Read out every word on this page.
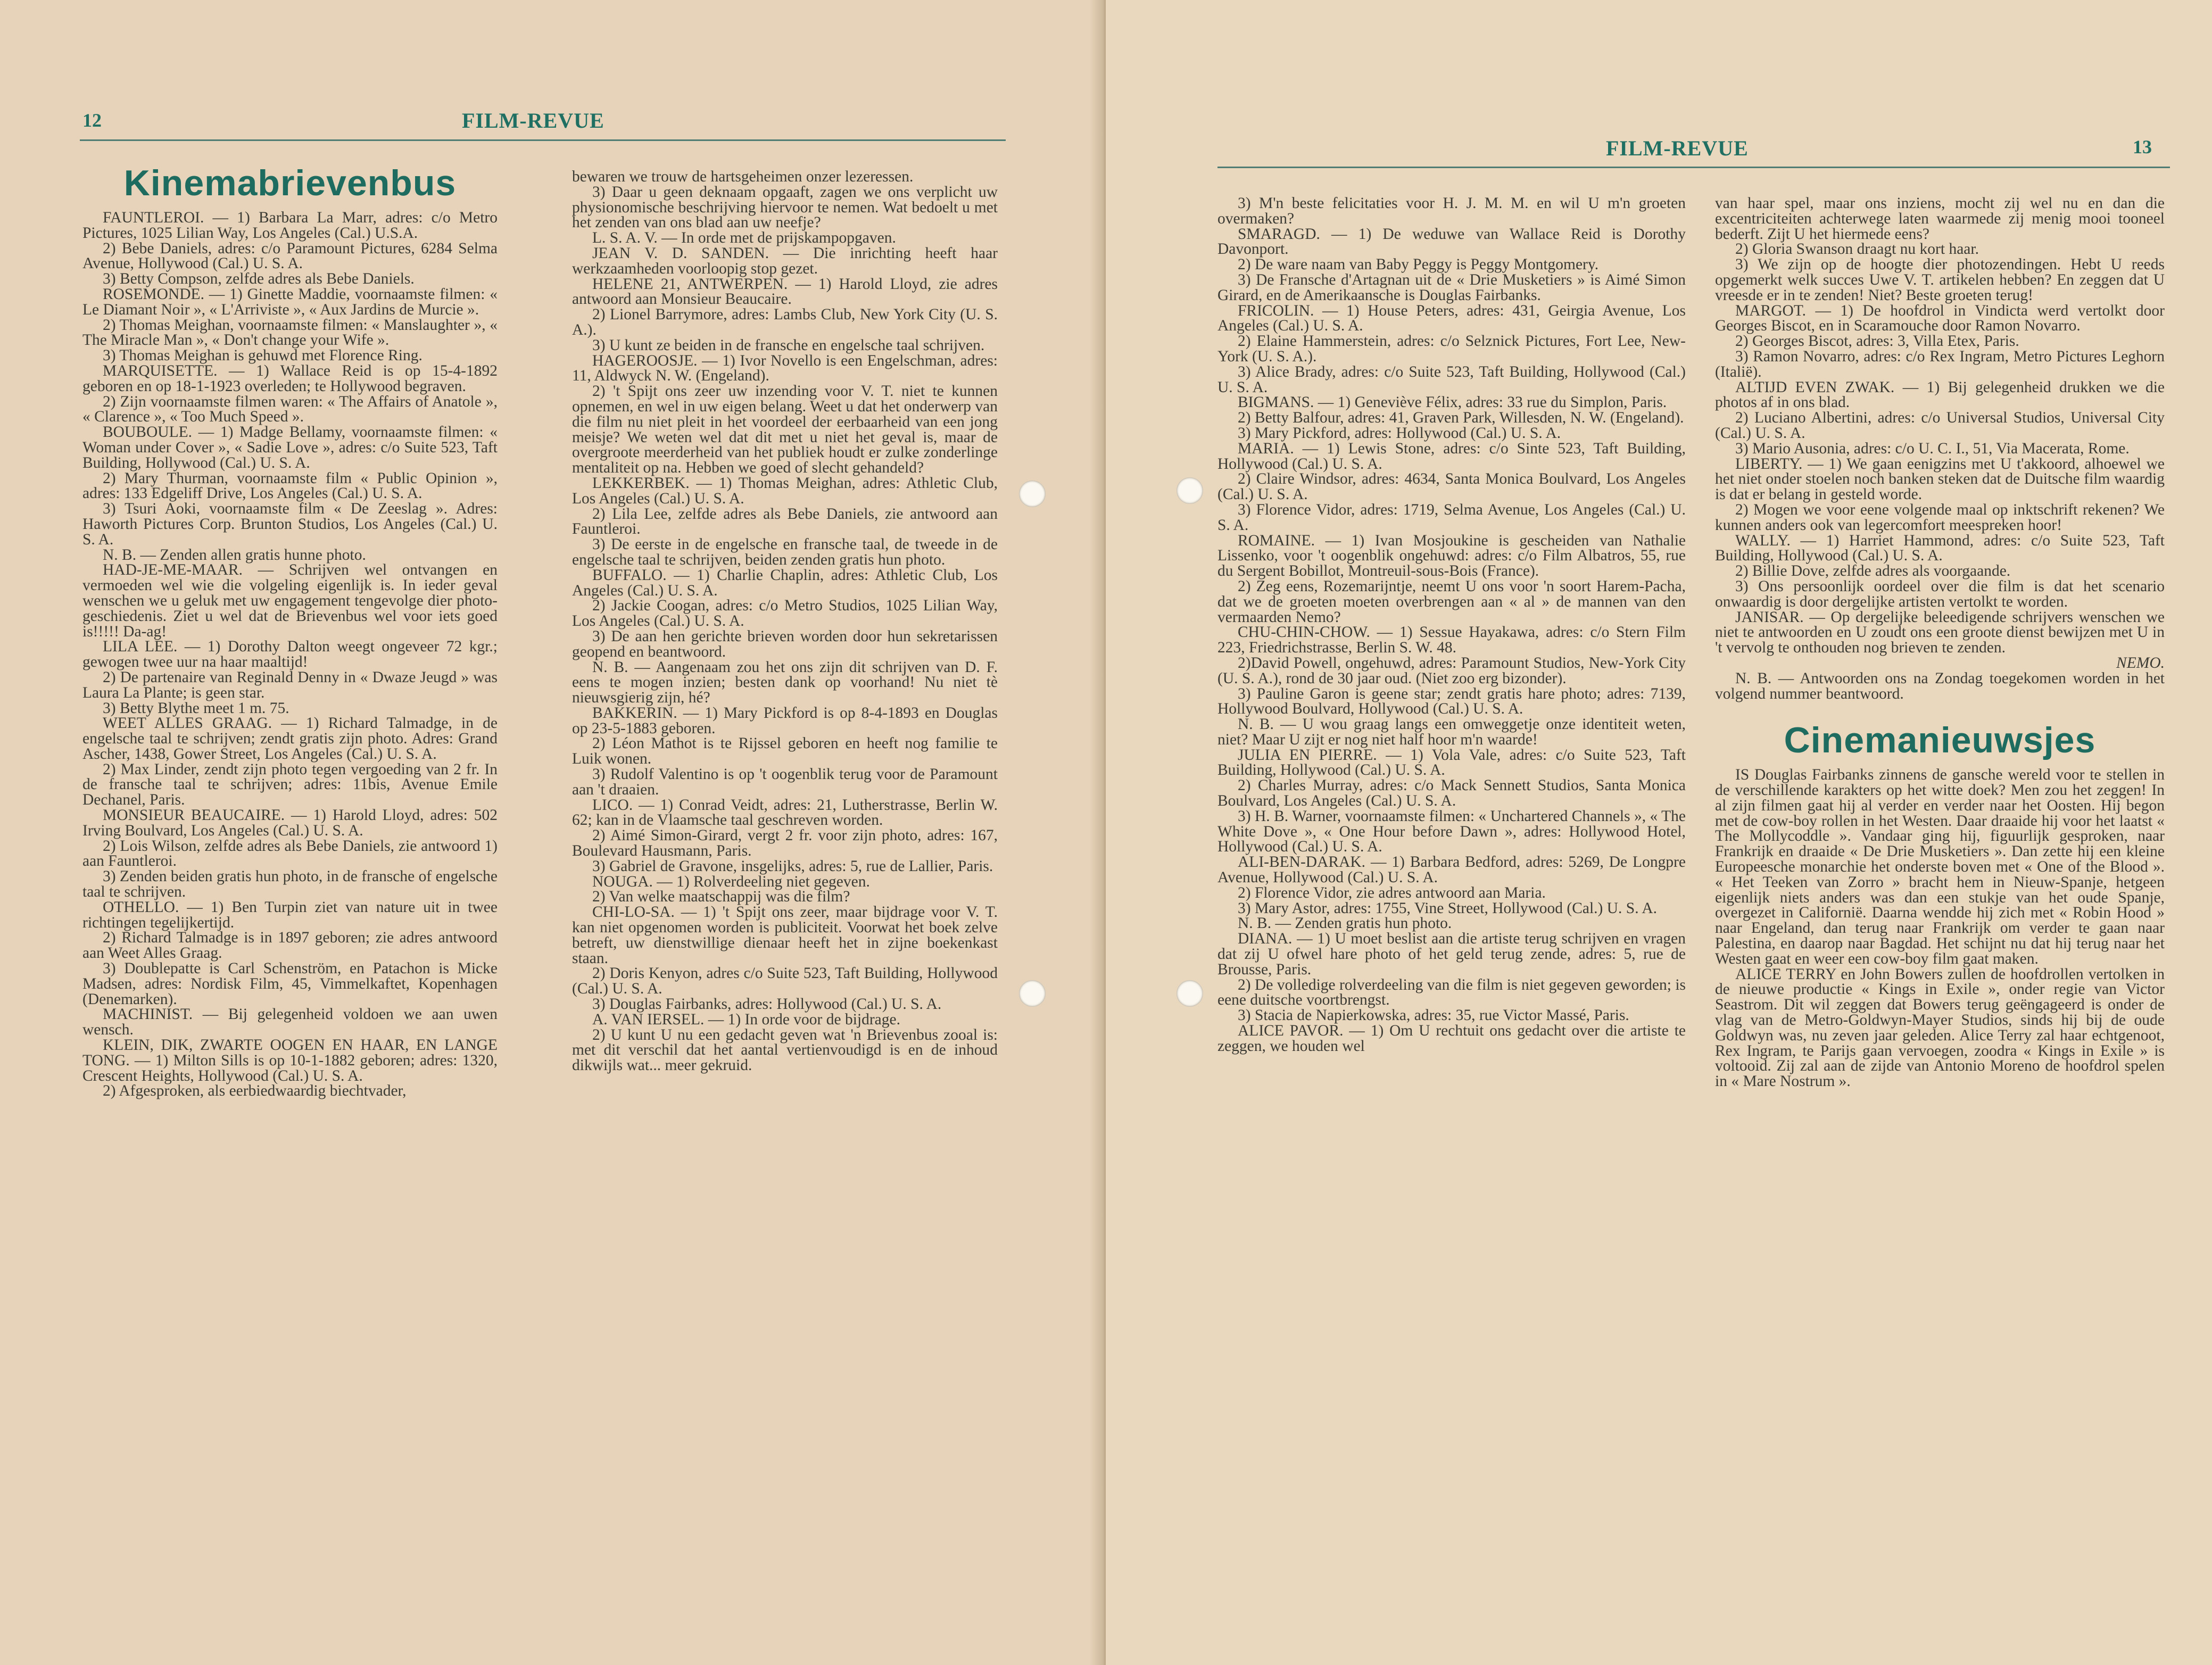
12	FILM-REVUE
Kinemabrievenbus

FAUNTLEROI. — 1) Barbara La Marr, adres: c/o Metro Pictures, 1025 Lilian Way, Los Angeles (Cal.) U.S.A.

2) Bebe Daniels, adres: c/o Paramount Pictures, 6284 Selma Avenue, Hollywood (Cal.) U. S. A.

3) Betty Compson, zelfde adres als Bebe Daniels.

ROSEMONDE. — 1) Ginette Maddie, voornaamste filmen: « Le Diamant Noir », « L'Arriviste », « Aux Jardins de Murcie ».

2) Thomas Meighan, voornaamste filmen: « Manslaughter », « The Miracle Man », « Don't change your Wife ».

3) Thomas Meighan is gehuwd met Florence Ring.

MARQUISETTE. — 1) Wallace Reid is op 15-4-1892 geboren en op 18-1-1923 overleden; te Hollywood begraven.

2) Zijn voornaamste filmen waren: « The Affairs of Anatole », « Clarence », « Too Much Speed ».

BOUBOULE. — 1) Madge Bellamy, voornaamste filmen: « Woman under Cover », « Sadie Love », adres: c/o Suite 523, Taft Building, Hollywood (Cal.) U. S. A.

2) Mary Thurman, voornaamste film « Public Opinion », adres: 133 Edgeliff Drive, Los Angeles (Cal.) U. S. A.

3) Tsuri Aoki, voornaamste film « De Zeeslag ». Adres: Haworth Pictures Corp. Brunton Studios, Los Angeles (Cal.) U. S. A.

N. B. — Zenden allen gratis hunne photo.

HAD-JE-ME-MAAR. — Schrijven wel ontvangen en vermoeden wel wie die volgeling eigenlijk is. In ieder geval wenschen we u geluk met uw engagement tengevolge dier photo-geschiedenis. Ziet u wel dat de Brievenbus wel voor iets goed is!!!!! Da-ag!

LILA LEE. — 1) Dorothy Dalton weegt ongeveer 72 kgr.; gewogen twee uur na haar maaltijd!

2) De partenaire van Reginald Denny in « Dwaze Jeugd » was Laura La Plante; is geen star.

3) Betty Blythe meet 1 m. 75.

WEET ALLES GRAAG. — 1) Richard Talmadge, in de engelsche taal te schrijven; zendt gratis zijn photo. Adres: Grand Ascher, 1438, Gower Street, Los Angeles (Cal.) U. S. A.

2) Max Linder, zendt zijn photo tegen vergoeding van 2 fr. In de fransche taal te schrijven; adres: 11bis, Avenue Emile Dechanel, Paris.

MONSIEUR BEAUCAIRE. — 1) Harold Lloyd, adres: 502 Irving Boulvard, Los Angeles (Cal.) U. S. A.

2) Lois Wilson, zelfde adres als Bebe Daniels, zie antwoord 1) aan Fauntleroi.

3) Zenden beiden gratis hun photo, in de fransche of engelsche taal te schrijven.

OTHELLO. — 1) Ben Turpin ziet van nature uit in twee richtingen tegelijkertijd.

2) Richard Talmadge is in 1897 geboren; zie adres antwoord aan Weet Alles Graag.

3) Doublepatte is Carl Schenström, en Patachon is Micke Madsen, adres: Nordisk Film, 45, Vimmelkaftet, Kopenhagen (Denemarken).

MACHINIST. — Bij gelegenheid voldoen we aan uwen wensch.

KLEIN, DIK, ZWARTE OOGEN EN HAAR, EN LANGE TONG. — 1) Milton Sills is op 10-1-1882 geboren; adres: 1320, Crescent Heights, Hollywood (Cal.) U. S. A.

2) Afgesproken, als eerbiedwaardig biechtvader,

bewaren we trouw de hartsgeheimen onzer lezeressen.

3) Daar u geen deknaam opgaaft, zagen we ons verplicht uw physionomische beschrijving hiervoor te nemen. Wat bedoelt u met het zenden van ons blad aan uw neefje?

L. S. A. V. — In orde met de prijskampopgaven.

JEAN V. D. SANDEN. — Die inrichting heeft haar werkzaamheden voorloopig stop gezet.

HELENE 21, ANTWERPEN. — 1) Harold Lloyd, zie adres antwoord aan Monsieur Beaucaire.

2) Lionel Barrymore, adres: Lambs Club, New York City (U. S. A.).

3) U kunt ze beiden in de fransche en engelsche taal schrijven.

HAGEROOSJE. — 1) Ivor Novello is een Engelschman, adres: 11, Aldwyck N. W. (Engeland).

2) 't Spijt ons zeer uw inzending voor V. T. niet te kunnen opnemen, en wel in uw eigen belang. Weet u dat het onderwerp van die film nu niet pleit in het voordeel der eerbaarheid van een jong meisje? We weten wel dat dit met u niet het geval is, maar de overgroote meerderheid van het publiek houdt er zulke zonderlinge mentaliteit op na. Hebben we goed of slecht gehandeld?

LEKKERBEK. — 1) Thomas Meighan, adres: Athletic Club, Los Angeles (Cal.) U. S. A.

2) Lila Lee, zelfde adres als Bebe Daniels, zie antwoord aan Fauntleroi.

3) De eerste in de engelsche en fransche taal, de tweede in de engelsche taal te schrijven, beiden zenden gratis hun photo.

BUFFALO. — 1) Charlie Chaplin, adres: Athletic Club, Los Angeles (Cal.) U. S. A.

2) Jackie Coogan, adres: c/o Metro Studios, 1025 Lilian Way, Los Angeles (Cal.) U. S. A.

3) De aan hen gerichte brieven worden door hun sekretarissen geopend en beantwoord.

N. B. — Aangenaam zou het ons zijn dit schrijven van D. F. eens te mogen inzien; besten dank op voorhand! Nu niet tè nieuwsgierig zijn, hé?

BAKKERIN. — 1) Mary Pickford is op 8-4-1893 en Douglas op 23-5-1883 geboren.

2) Léon Mathot is te Rijssel geboren en heeft nog familie te Luik wonen.

3) Rudolf Valentino is op 't oogenblik terug voor de Paramount aan 't draaien.

LICO. — 1) Conrad Veidt, adres: 21, Lutherstrasse, Berlin W. 62; kan in de Vlaamsche taal geschreven worden.

2) Aimé Simon-Girard, vergt 2 fr. voor zijn photo, adres: 167, Boulevard Hausmann, Paris.

3) Gabriel de Gravone, insgelijks, adres: 5, rue de Lallier, Paris.

NOUGA. — 1) Rolverdeeling niet gegeven.

2) Van welke maatschappij was die film?

CHI-LO-SA. — 1) 't Spijt ons zeer, maar bijdrage voor V. T. kan niet opgenomen worden is publiciteit. Voorwat het boek zelve betreft, uw dienstwillige dienaar heeft het in zijne boekenkast staan.

2) Doris Kenyon, adres c/o Suite 523, Taft Building, Hollywood (Cal.) U. S. A.

3) Douglas Fairbanks, adres: Hollywood (Cal.) U. S. A.

A. VAN IERSEL. — 1) In orde voor de bijdrage.

2) U kunt U nu een gedacht geven wat 'n Brievenbus zooal is: met dit verschil dat het aantal vertienvoudigd is en de inhoud dikwijls wat... meer gekruid.

FILM-REVUE	13

3) M'n beste felicitaties voor H. J. M. M. en wil U m'n groeten overmaken?

SMARAGD. — 1) De weduwe van Wallace Reid is Dorothy Davonport.

2) De ware naam van Baby Peggy is Peggy Montgomery.

3) De Fransche d'Artagnan uit de « Drie Musketiers » is Aimé Simon Girard, en de Amerikaansche is Douglas Fairbanks.

FRICOLIN. — 1) House Peters, adres: 431, Geirgia Avenue, Los Angeles (Cal.) U. S. A.

2) Elaine Hammerstein, adres: c/o Selznick Pictures, Fort Lee, New-York (U. S. A.).

3) Alice Brady, adres: c/o Suite 523, Taft Building, Hollywood (Cal.) U. S. A.

BIGMANS. — 1) Geneviève Félix, adres: 33 rue du Simplon, Paris.

2) Betty Balfour, adres: 41, Graven Park, Willesden, N. W. (Engeland).

3) Mary Pickford, adres: Hollywood (Cal.) U. S. A.

MARIA. — 1) Lewis Stone, adres: c/o Sinte 523, Taft Building, Hollywood (Cal.) U. S. A.

2) Claire Windsor, adres: 4634, Santa Monica Boulvard, Los Angeles (Cal.) U. S. A.

3) Florence Vidor, adres: 1719, Selma Avenue, Los Angeles (Cal.) U. S. A.

ROMAINE. — 1) Ivan Mosjoukine is gescheiden van Nathalie Lissenko, voor 't oogenblik ongehuwd: adres: c/o Film Albatros, 55, rue du Sergent Bobillot, Montreuil-sous-Bois (France).

2) Zeg eens, Rozemarijntje, neemt U ons voor 'n soort Harem-Pacha, dat we de groeten moeten overbrengen aan « al » de mannen van den vermaarden Nemo?

CHU-CHIN-CHOW. — 1) Sessue Hayakawa, adres: c/o Stern Film 223, Friedrichstrasse, Berlin S. W. 48.

2)David Powell, ongehuwd, adres: Paramount Studios, New-York City (U. S. A.), rond de 30 jaar oud. (Niet zoo erg bizonder).

3) Pauline Garon is geene star; zendt gratis hare photo; adres: 7139, Hollywood Boulvard, Hollywood (Cal.) U. S. A.

N. B. — U wou graag langs een omweggetje onze identiteit weten, niet? Maar U zijt er nog niet half hoor m'n waarde!

JULIA EN PIERRE. — 1) Vola Vale, adres: c/o Suite 523, Taft Building, Hollywood (Cal.) U. S. A.

2) Charles Murray, adres: c/o Mack Sennett Studios, Santa Monica Boulvard, Los Angeles (Cal.) U. S. A.

3) H. B. Warner, voornaamste filmen: « Unchartered Channels », « The White Dove », « One Hour before Dawn », adres: Hollywood Hotel, Hollywood (Cal.) U. S. A.

ALI-BEN-DARAK. — 1) Barbara Bedford, adres: 5269, De Longpre Avenue, Hollywood (Cal.) U. S. A.

2) Florence Vidor, zie adres antwoord aan Maria.

3) Mary Astor, adres: 1755, Vine Street, Hollywood (Cal.) U. S. A.

N. B. — Zenden gratis hun photo.

DIANA. — 1) U moet beslist aan die artiste terug schrijven en vragen dat zij U ofwel hare photo of het geld terug zende, adres: 5, rue de Brousse, Paris.

2) De volledige rolverdeeling van die film is niet gegeven geworden; is eene duitsche voortbrengst.

3) Stacia de Napierkowska, adres: 35, rue Victor Massé, Paris.

ALICE PAVOR. — 1) Om U rechtuit ons gedacht over die artiste te zeggen, we houden wel

van haar spel, maar ons inziens, mocht zij wel nu en dan die excentriciteiten achterwege laten waarmede zij menig mooi tooneel bederft. Zijt U het hiermede eens?

2) Gloria Swanson draagt nu kort haar.

3) We zijn op de hoogte dier photozendingen. Hebt U reeds opgemerkt welk succes Uwe V. T. artikelen hebben? En zeggen dat U vreesde er in te zenden! Niet? Beste groeten terug!

MARGOT. — 1) De hoofdrol in Vindicta werd vertolkt door Georges Biscot, en in Scaramouche door Ramon Novarro.

2) Georges Biscot, adres: 3, Villa Etex, Paris.

3) Ramon Novarro, adres: c/o Rex Ingram, Metro Pictures Leghorn (Italië).

ALTIJD EVEN ZWAK. — 1) Bij gelegenheid drukken we die photos af in ons blad.

2) Luciano Albertini, adres: c/o Universal Studios, Universal City (Cal.) U. S. A.

3) Mario Ausonia, adres: c/o U. C. I., 51, Via Macerata, Rome.

LIBERTY. — 1) We gaan eenigzins met U t'akkoord, alhoewel we het niet onder stoelen noch banken steken dat de Duitsche film waardig is dat er belang in gesteld worde.

2) Mogen we voor eene volgende maal op inktschrift rekenen? We kunnen anders ook van legercomfort meespreken hoor!

WALLY. — 1) Harriet Hammond, adres: c/o Suite 523, Taft Building, Hollywood (Cal.) U. S. A.

2) Billie Dove, zelfde adres als voorgaande.

3) Ons persoonlijk oordeel over die film is dat het scenario onwaardig is door dergelijke artisten vertolkt te worden.

JANISAR. — Op dergelijke beleedigende schrijvers wenschen we niet te antwoorden en U zoudt ons een groote dienst bewijzen met U in 't vervolg te onthouden nog brieven te zenden.

NEMO.

N. B. — Antwoorden ons na Zondag toegekomen worden in het volgend nummer beantwoord.

Cinemanieuwsjes

IS Douglas Fairbanks zinnens de gansche wereld voor te stellen in de verschillende karakters op het witte doek? Men zou het zeggen! In al zijn filmen gaat hij al verder en verder naar het Oosten. Hij begon met de cow-boy rollen in het Westen. Daar draaide hij voor het laatst « The Mollycoddle ». Vandaar ging hij, figuurlijk gesproken, naar Frankrijk en draaide « De Drie Musketiers ». Dan zette hij een kleine Europeesche monarchie het onderste boven met « One of the Blood ». « Het Teeken van Zorro » bracht hem in Nieuw-Spanje, hetgeen eigenlijk niets anders was dan een stukje van het oude Spanje, overgezet in Californië. Daarna wendde hij zich met « Robin Hood » naar Engeland, dan terug naar Frankrijk om verder te gaan naar Palestina, en daarop naar Bagdad. Het schijnt nu dat hij terug naar het Westen gaat en weer een cow-boy film gaat maken.

ALICE TERRY en John Bowers zullen de hoofdrollen vertolken in de nieuwe productie « Kings in Exile », onder regie van Victor Seastrom. Dit wil zeggen dat Bowers terug geëngageerd is onder de vlag van de Metro-Goldwyn-Mayer Studios, sinds hij bij de oude Goldwyn was, nu zeven jaar geleden. Alice Terry zal haar echtgenoot, Rex Ingram, te Parijs gaan vervoegen, zoodra « Kings in Exile » is voltooid. Zij zal aan de zijde van Antonio Moreno de hoofdrol spelen in « Mare Nostrum ».
